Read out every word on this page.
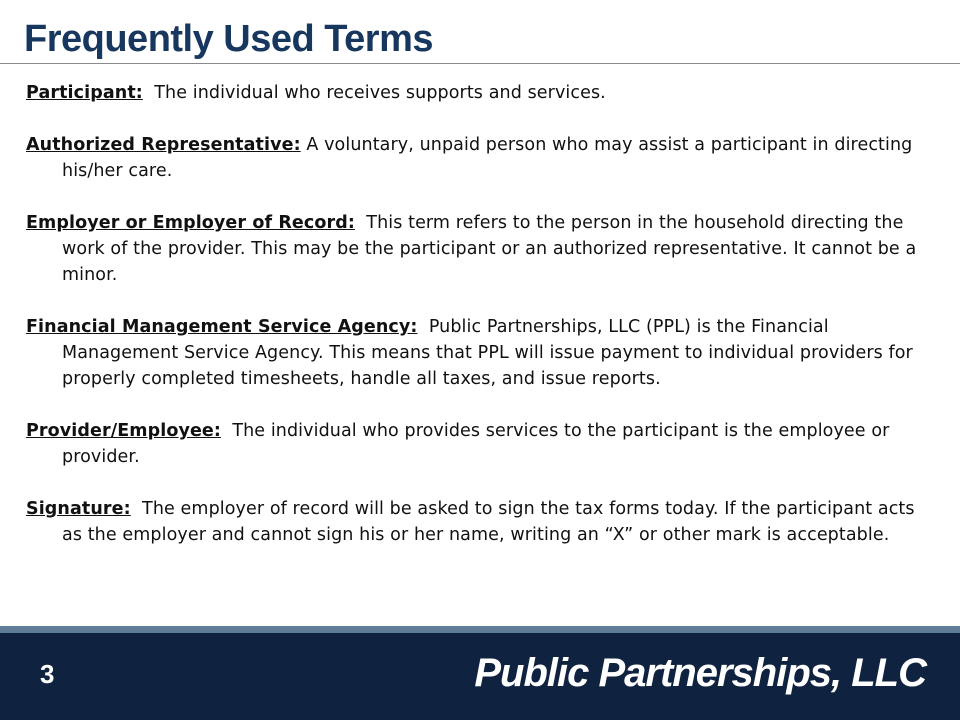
Frequently Used Terms
Participant: The individual who receives supports and services.
Authorized Representative: A voluntary, unpaid person who may assist a participant in directing his/her care.
Employer or Employer of Record: This term refers to the person in the household directing the work of the provider. This may be the participant or an authorized representative. It cannot be a minor.
Financial Management Service Agency: Public Partnerships, LLC (PPL) is the Financial Management Service Agency. This means that PPL will issue payment to individual providers for properly completed timesheets, handle all taxes, and issue reports.
Provider/Employee: The individual who provides services to the participant is the employee or provider.
Signature: The employer of record will be asked to sign the tax forms today. If the participant acts as the employer and cannot sign his or her name, writing an “X” or other mark is acceptable.
3	Public Partnerships, LLC
